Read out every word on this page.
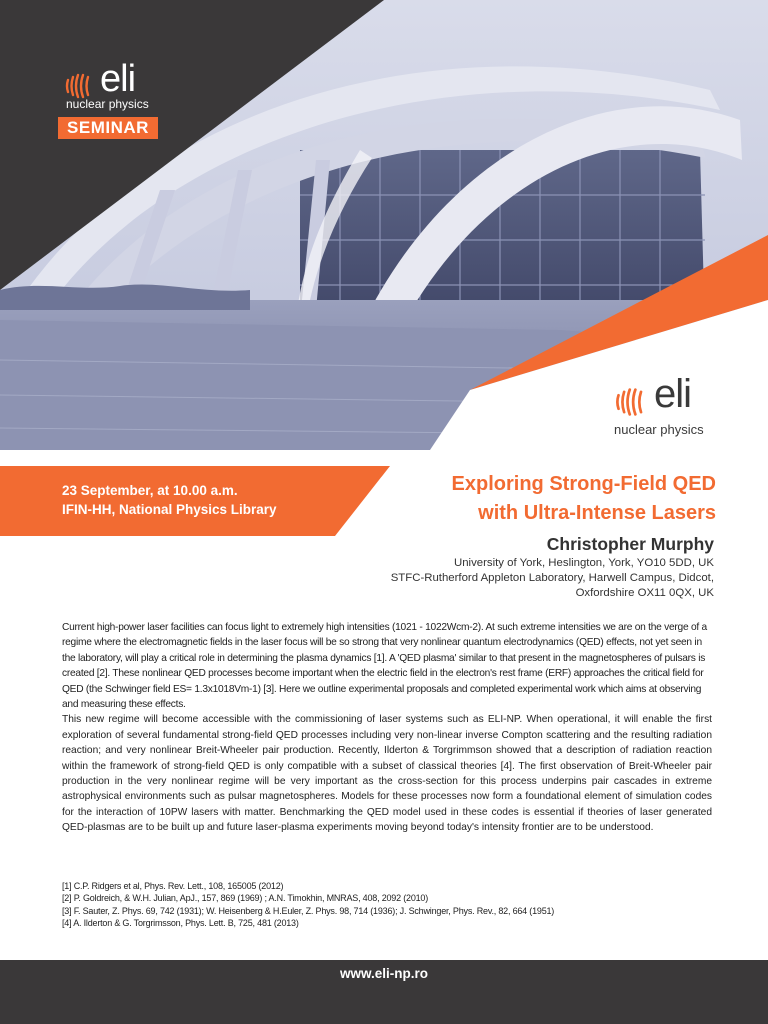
eli
nuclear physics
SEMINAR
eli
nuclear physics
23 September, at 10.00 a.m.
IFIN-HH, National Physics Library
Exploring Strong-Field QED
with Ultra-Intense Lasers
Christopher Murphy
University of York, Heslington, York, YO10 5DD, UK
STFC-Rutherford Appleton Laboratory, Harwell Campus, Didcot,
Oxfordshire OX11 0QX, UK

Current high-power laser facilities can focus light to extremely high intensities (1021 - 1022Wcm-2). At such extreme intensities we are on the verge of a regime where the electromagnetic fields in the laser focus will be so strong that very nonlinear quantum electrodynamics (QED) effects, not yet seen in the laboratory, will play a critical role in determining the plasma dynamics [1]. A 'QED plasma' similar to that present in the magnetospheres of pulsars is created [2]. These nonlinear QED processes become important when the electric field in the electron's rest frame (ERF) approaches the critical field for QED (the Schwinger field ES= 1.3x1018Vm-1) [3]. Here we outline experimental proposals and completed experimental work which aims at observing and measuring these effects.

This new regime will become accessible with the commissioning of laser systems such as ELI-NP. When operational, it will enable the first exploration of several fundamental strong-field QED processes including very non-linear inverse Compton scattering and the resulting radiation reaction; and very nonlinear Breit-Wheeler pair production. Recently, Ilderton & Torgrimmson showed that a description of radiation reaction within the framework of strong-field QED is only compatible with a subset of classical theories [4]. The first observation of Breit-Wheeler pair production in the very nonlinear regime will be very important as the cross-section for this process underpins pair cascades in extreme astrophysical environments such as pulsar magnetospheres. Models for these processes now form a foundational element of simulation codes for the interaction of 10PW lasers with matter. Benchmarking the QED model used in these codes is essential if theories of laser generated QED-plasmas are to be built up and future laser-plasma experiments moving beyond today's intensity frontier are to be understood.

[1] C.P. Ridgers et al, Phys. Rev. Lett., 108, 165005 (2012)
[2] P. Goldreich, & W.H. Julian, ApJ., 157, 869 (1969) ; A.N. Timokhin, MNRAS, 408, 2092 (2010)
[3] F. Sauter, Z. Phys. 69, 742 (1931); W. Heisenberg & H.Euler, Z. Phys. 98, 714 (1936); J. Schwinger, Phys. Rev., 82, 664 (1951)
[4] A. Ilderton & G. Torgrimsson, Phys. Lett. B, 725, 481 (2013)
www.eli-np.ro
